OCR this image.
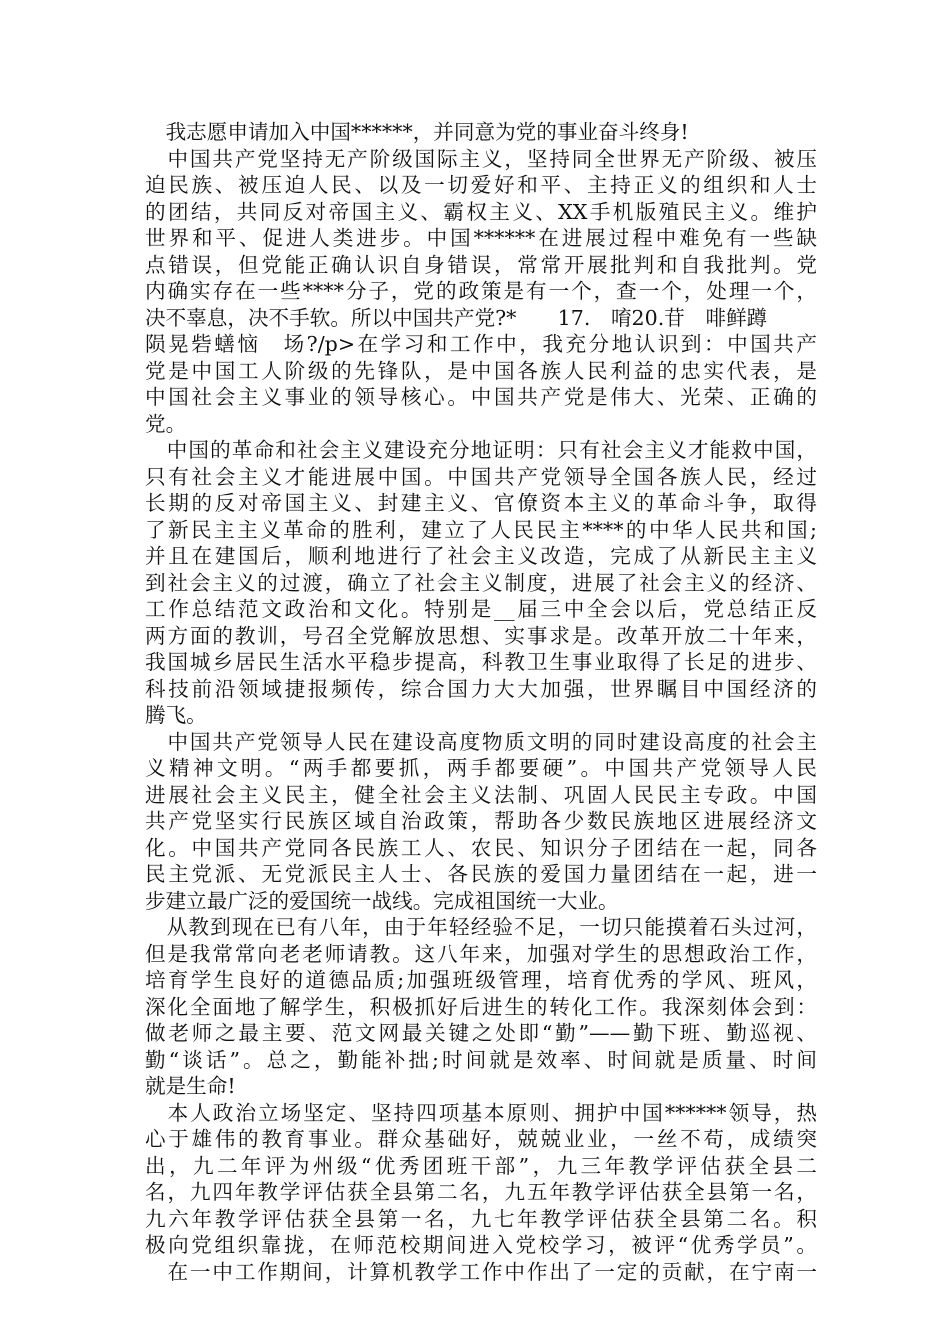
　我志愿申请加入中国******，并同意为党的事业奋斗终身!
　中国共产党坚持无产阶级国际主义，坚持同全世界无产阶级、被压
迫民族、被压迫人民、以及一切爱好和平、主持正义的组织和人士
的团结，共同反对帝国主义、霸权主义、XX手机版殖民主义。维护
世界和平、促进人类进步。中国******在进展过程中难免有一些缺
点错误，但党能正确认识自身错误，常常开展批判和自我批判。党
内确实存在一些****分子，党的政策是有一个，查一个，处理一个，
决不辜息，决不手软。所以中国共产党?*　　17.　唷20.苷　啡鲜蹲
陨晃砦蟮恼　场?/p>在学习和工作中，我充分地认识到：中国共产
党是中国工人阶级的先锋队，是中国各族人民利益的忠实代表，是
中国社会主义事业的领导核心。中国共产党是伟大、光荣、正确的
党。
　中国的革命和社会主义建设充分地证明：只有社会主义才能救中国，
只有社会主义才能进展中国。中国共产党领导全国各族人民，经过
长期的反对帝国主义、封建主义、官僚资本主义的革命斗争，取得
了新民主主义革命的胜利，建立了人民民主****的中华人民共和国;
并且在建国后，顺利地进行了社会主义改造，完成了从新民主主义
到社会主义的过渡，确立了社会主义制度，进展了社会主义的经济、
工作总结范文政治和文化。特别是__届三中全会以后，党总结正反
两方面的教训，号召全党解放思想、实事求是。改革开放二十年来，
我国城乡居民生活水平稳步提高，科教卫生事业取得了长足的进步、
科技前沿领域捷报频传，综合国力大大加强，世界瞩目中国经济的
腾飞。
　中国共产党领导人民在建设高度物质文明的同时建设高度的社会主
义精神文明。“两手都要抓，两手都要硬”。中国共产党领导人民
进展社会主义民主，健全社会主义法制、巩固人民民主专政。中国
共产党坚实行民族区域自治政策，帮助各少数民族地区进展经济文
化。中国共产党同各民族工人、农民、知识分子团结在一起，同各
民主党派、无党派民主人士、各民族的爱国力量团结在一起，进一
步建立最广泛的爱国统一战线。完成祖国统一大业。
　从教到现在已有八年，由于年轻经验不足，一切只能摸着石头过河，
但是我常常向老老师请教。这八年来，加强对学生的思想政治工作，
培育学生良好的道德品质;加强班级管理，培育优秀的学风、班风，
深化全面地了解学生，积极抓好后进生的转化工作。我深刻体会到：
做老师之最主要、范文网最关键之处即“勤”——勤下班、勤巡视、
勤“谈话”。总之，勤能补拙;时间就是效率、时间就是质量、时间
就是生命!
　本人政治立场坚定、坚持四项基本原则、拥护中国******领导，热
心于雄伟的教育事业。群众基础好，兢兢业业，一丝不苟，成绩突
出，九二年评为州级“优秀团班干部”，九三年教学评估获全县二
名，九四年教学评估获全县第二名，九五年教学评估获全县第一名，
九六年教学评估获全县第一名，九七年教学评估获全县第二名。积
极向党组织靠拢，在师范校期间进入党校学习，被评“优秀学员”。
　在一中工作期间，计算机教学工作中作出了一定的贡献，在宁南一
